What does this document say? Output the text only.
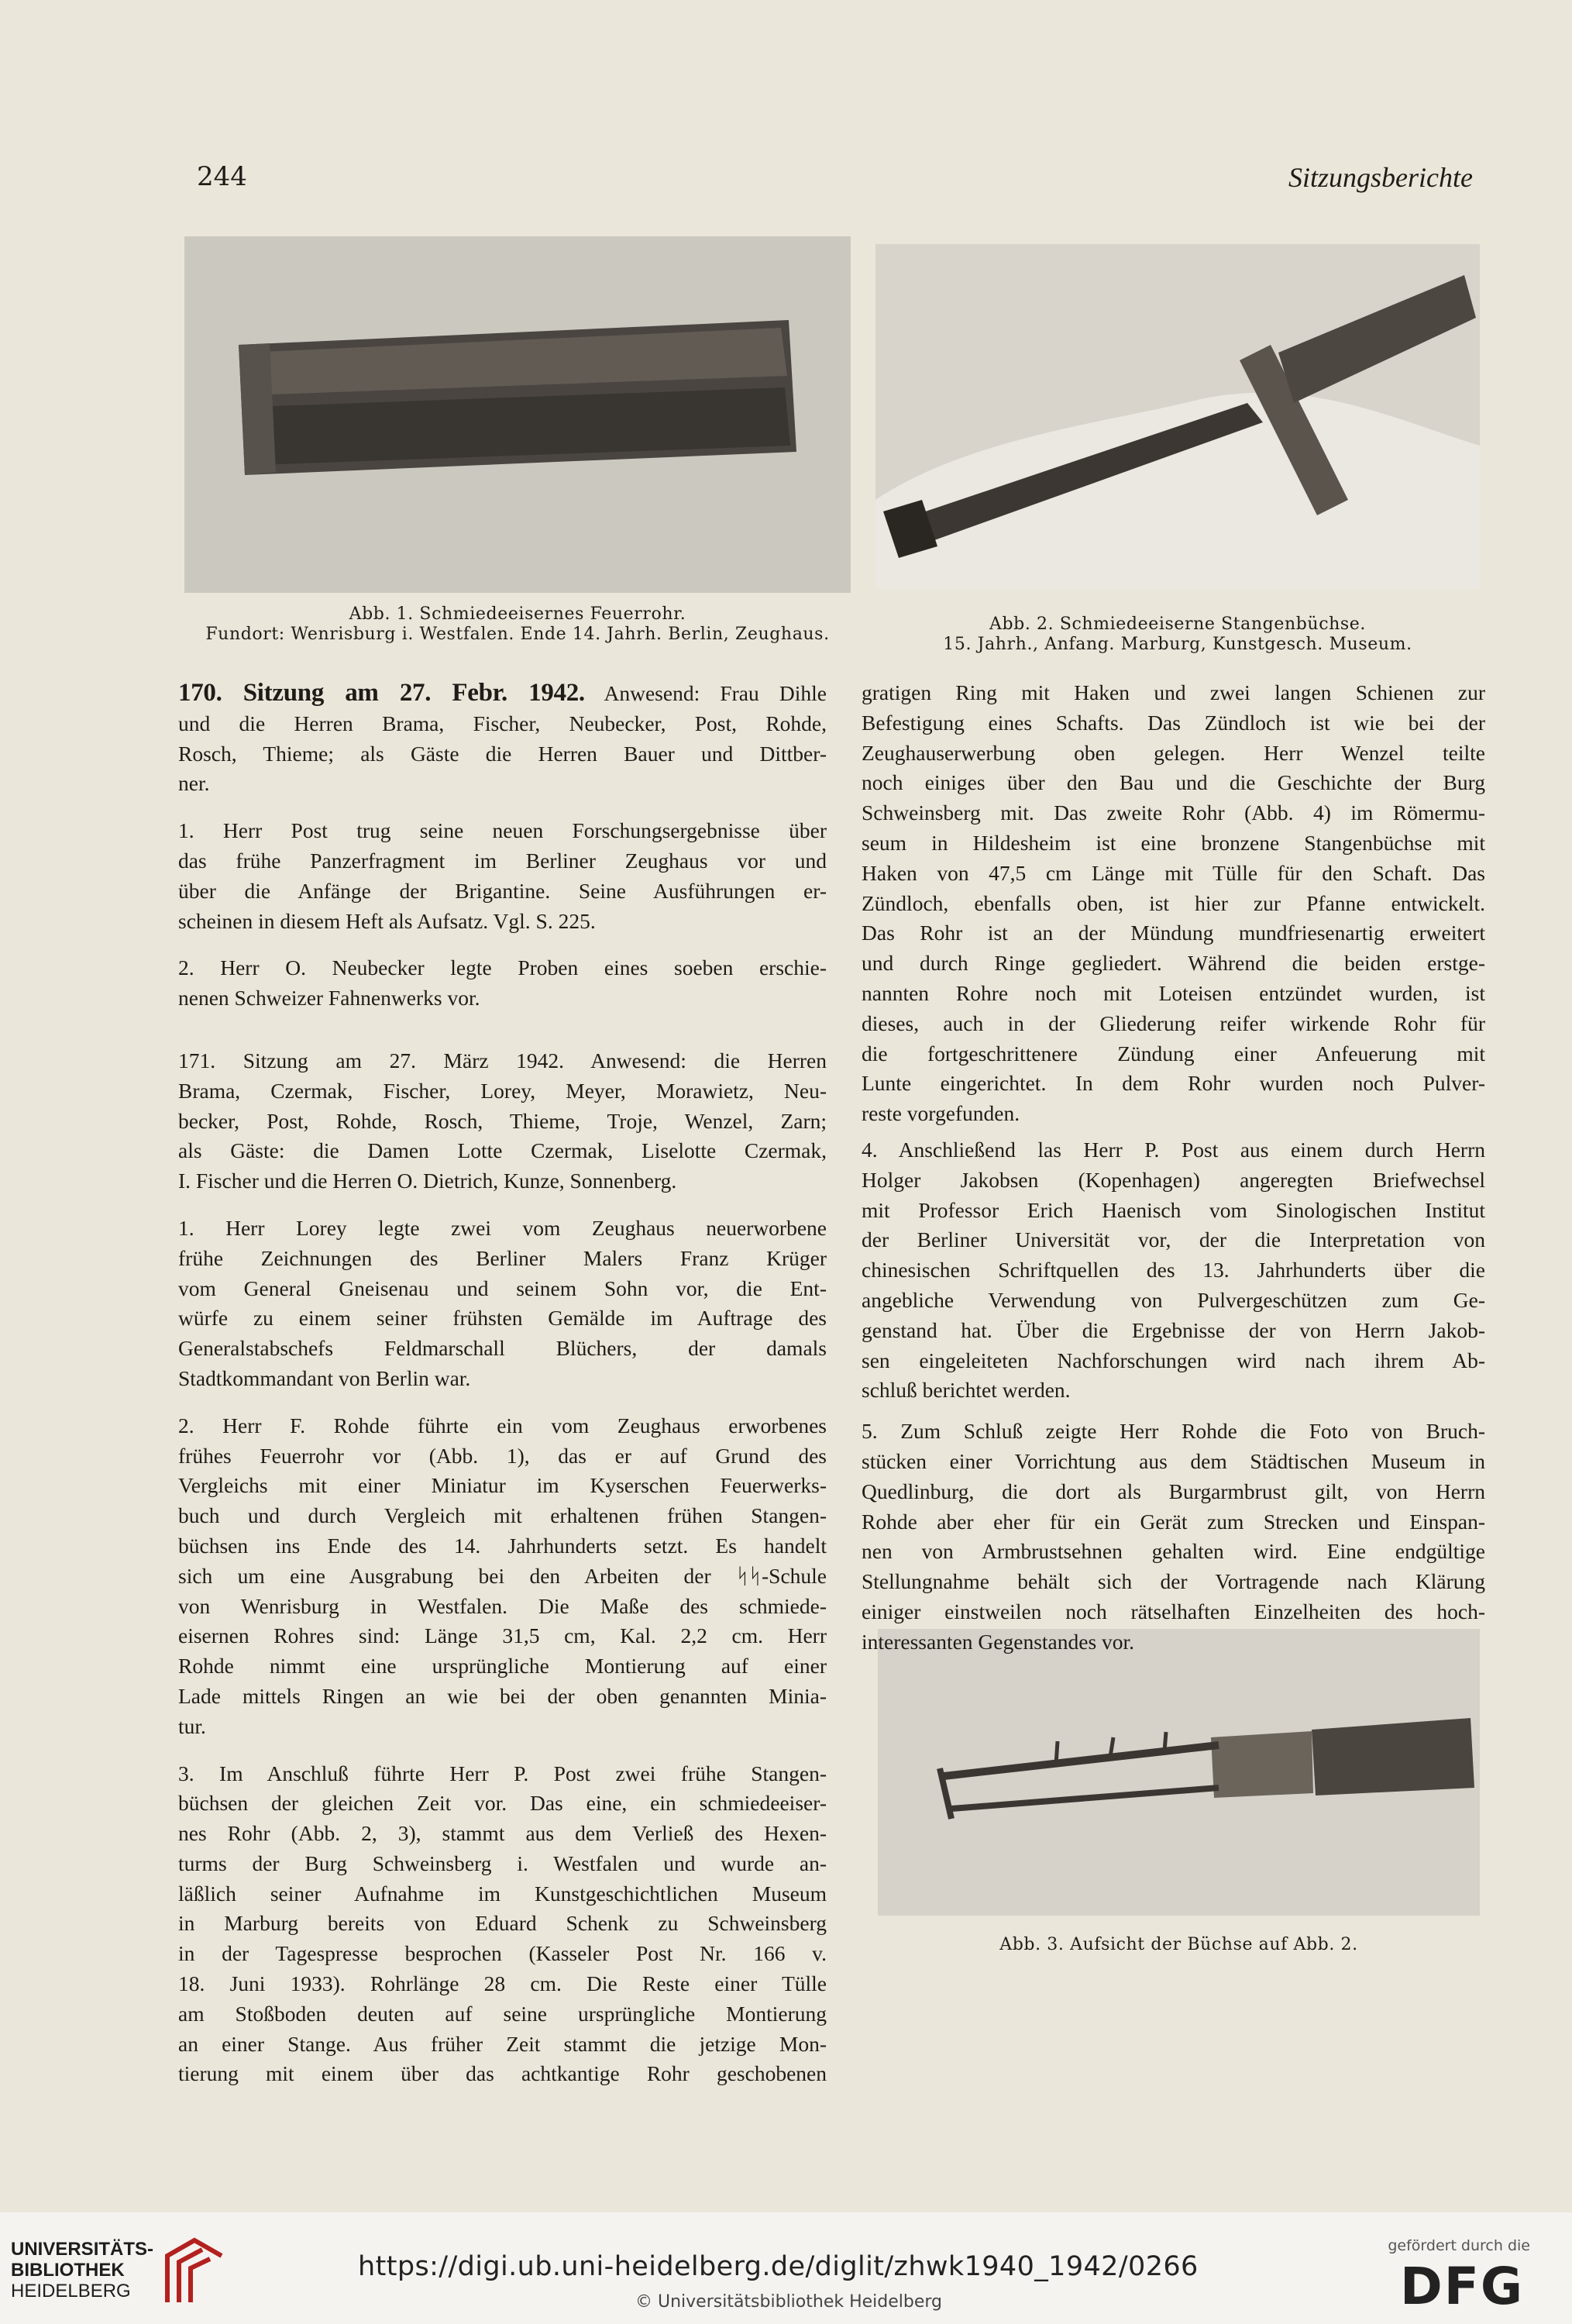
244	Sitzungsberichte
Abb. 1. Schmiedeeisernes Feuerrohr.
Fundort: Wenrisburg i. Westfalen. Ende 14. Jahrh. Berlin, Zeughaus.
Abb. 2. Schmiedeeiserne Stangenbüchse.
15. Jahrh., Anfang. Marburg, Kunstgesch. Museum.
Abb. 3. Aufsicht der Büchse auf Abb. 2.
170. Sitzung am 27. Febr. 1942. Anwesend: Frau Dihle
und die Herren Brama, Fischer, Neubecker, Post, Rohde,
Rosch, Thieme; als Gäste die Herren Bauer und Dittber-
ner.
1. Herr Post trug seine neuen Forschungsergebnisse über
das frühe Panzerfragment im Berliner Zeughaus vor und
über die Anfänge der Brigantine. Seine Ausführungen er-
scheinen in diesem Heft als Aufsatz. Vgl. S. 225.
2. Herr O. Neubecker legte Proben eines soeben erschie-
nenen Schweizer Fahnenwerks vor.
171. Sitzung am 27. März 1942. Anwesend: die Herren
Brama, Czermak, Fischer, Lorey, Meyer, Morawietz, Neu-
becker, Post, Rohde, Rosch, Thieme, Troje, Wenzel, Zarn;
als Gäste: die Damen Lotte Czermak, Liselotte Czermak,
I. Fischer und die Herren O. Dietrich, Kunze, Sonnenberg.
1. Herr Lorey legte zwei vom Zeughaus neuerworbene
frühe Zeichnungen des Berliner Malers Franz Krüger
vom General Gneisenau und seinem Sohn vor, die Ent-
würfe zu einem seiner frühsten Gemälde im Auftrage des
Generalstabschefs Feldmarschall Blüchers, der damals
Stadtkommandant von Berlin war.
2. Herr F. Rohde führte ein vom Zeughaus erworbenes
frühes Feuerrohr vor (Abb. 1), das er auf Grund des
Vergleichs mit einer Miniatur im Kyserschen Feuerwerks-
buch und durch Vergleich mit erhaltenen frühen Stangen-
büchsen ins Ende des 14. Jahrhunderts setzt. Es handelt
sich um eine Ausgrabung bei den Arbeiten der ᛋᛋ-Schule
von Wenrisburg in Westfalen. Die Maße des schmiede-
eisernen Rohres sind: Länge 31,5 cm, Kal. 2,2 cm. Herr
Rohde nimmt eine ursprüngliche Montierung auf einer
Lade mittels Ringen an wie bei der oben genannten Minia-
tur.
3. Im Anschluß führte Herr P. Post zwei frühe Stangen-
büchsen der gleichen Zeit vor. Das eine, ein schmiedeeiser-
nes Rohr (Abb. 2, 3), stammt aus dem Verließ des Hexen-
turms der Burg Schweinsberg i. Westfalen und wurde an-
läßlich seiner Aufnahme im Kunstgeschichtlichen Museum
in Marburg bereits von Eduard Schenk zu Schweinsberg
in der Tagespresse besprochen (Kasseler Post Nr. 166 v.
18. Juni 1933). Rohrlänge 28 cm. Die Reste einer Tülle
am Stoßboden deuten auf seine ursprüngliche Montierung
an einer Stange. Aus früher Zeit stammt die jetzige Mon-
tierung mit einem über das achtkantige Rohr geschobenen
gratigen Ring mit Haken und zwei langen Schienen zur
Befestigung eines Schafts. Das Zündloch ist wie bei der
Zeughauserwerbung oben gelegen. Herr Wenzel teilte
noch einiges über den Bau und die Geschichte der Burg
Schweinsberg mit. Das zweite Rohr (Abb. 4) im Römermu-
seum in Hildesheim ist eine bronzene Stangenbüchse mit
Haken von 47,5 cm Länge mit Tülle für den Schaft. Das
Zündloch, ebenfalls oben, ist hier zur Pfanne entwickelt.
Das Rohr ist an der Mündung mundfriesenartig erweitert
und durch Ringe gegliedert. Während die beiden erstge-
nannten Rohre noch mit Loteisen entzündet wurden, ist
dieses, auch in der Gliederung reifer wirkende Rohr für
die fortgeschrittenere Zündung einer Anfeuerung mit
Lunte eingerichtet. In dem Rohr wurden noch Pulver-
reste vorgefunden.
4. Anschließend las Herr P. Post aus einem durch Herrn
Holger Jakobsen (Kopenhagen) angeregten Briefwechsel
mit Professor Erich Haenisch vom Sinologischen Institut
der Berliner Universität vor, der die Interpretation von
chinesischen Schriftquellen des 13. Jahrhunderts über die
angebliche Verwendung von Pulvergeschützen zum Ge-
genstand hat. Über die Ergebnisse der von Herrn Jakob-
sen eingeleiteten Nachforschungen wird nach ihrem Ab-
schluß berichtet werden.
5. Zum Schluß zeigte Herr Rohde die Foto von Bruch-
stücken einer Vorrichtung aus dem Städtischen Museum in
Quedlinburg, die dort als Burgarmbrust gilt, von Herrn
Rohde aber eher für ein Gerät zum Strecken und Einspan-
nen von Armbrustsehnen gehalten wird. Eine endgültige
Stellungnahme behält sich der Vortragende nach Klärung
einiger einstweilen noch rätselhaften Einzelheiten des hoch-
interessanten Gegenstandes vor.
UNIVERSITÄTS-
BIBLIOTHEK
HEIDELBERG
https://digi.ub.uni-heidelberg.de/diglit/zhwk1940_1942/0266
© Universitätsbibliothek Heidelberg
gefördert durch die
DFG
